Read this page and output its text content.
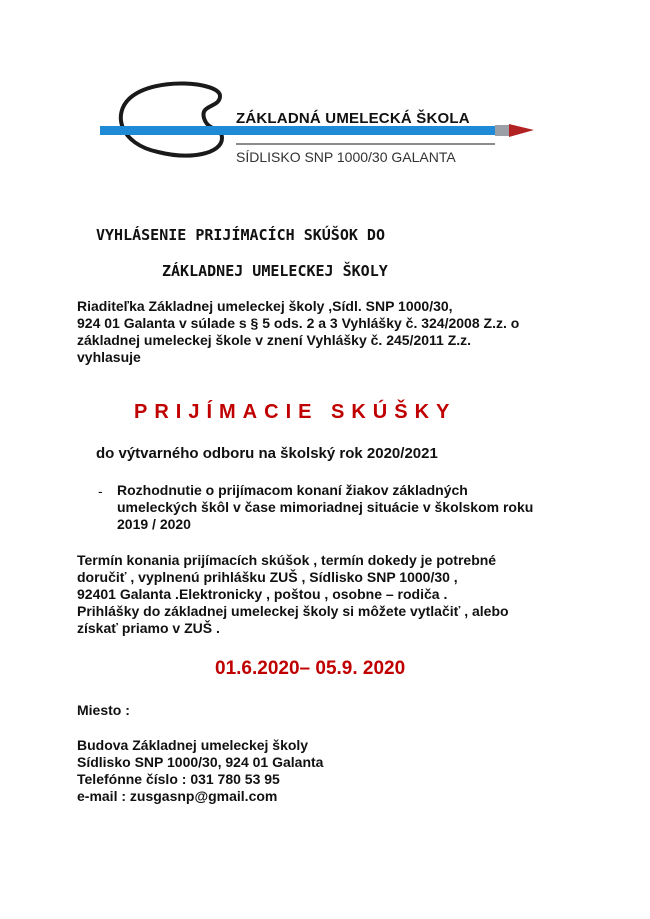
ZÁKLADNÁ UMELECKÁ ŠKOLA
SÍDLISKO SNP 1000/30 GALANTA
VYHLÁSENIE PRIJÍMACÍCH SKÚŠOK DO
ZÁKLADNEJ UMELECKEJ ŠKOLY
Riaditeľka Základnej umeleckej školy ,Sídl. SNP 1000/30,
924 01 Galanta v súlade s § 5 ods. 2 a 3 Vyhlášky č. 324/2008 Z.z. o
základnej umeleckej škole v znení Vyhlášky č. 245/2011 Z.z.
vyhlasuje
PRIJÍMACIE SKÚŠKY
do výtvarného odboru na školský rok 2020/2021
- Rozhodnutie o prijímacom konaní žiakov základných
umeleckých škôl v čase mimoriadnej situácie v školskom roku
2019 / 2020
Termín konania prijímacích skúšok , termín dokedy je potrebné
doručiť , vyplnenú prihlášku ZUŠ , Sídlisko SNP 1000/30 ,
92401 Galanta .Elektronicky , poštou , osobne – rodiča .
Prihlášky do základnej umeleckej školy si môžete vytlačiť , alebo
získať priamo v ZUŠ .
01.6.2020– 05.9. 2020
Miesto :
Budova Základnej umeleckej školy
Sídlisko SNP 1000/30, 924 01 Galanta
Telefónne číslo : 031 780 53 95
e-mail : zusgasnp@gmail.com
